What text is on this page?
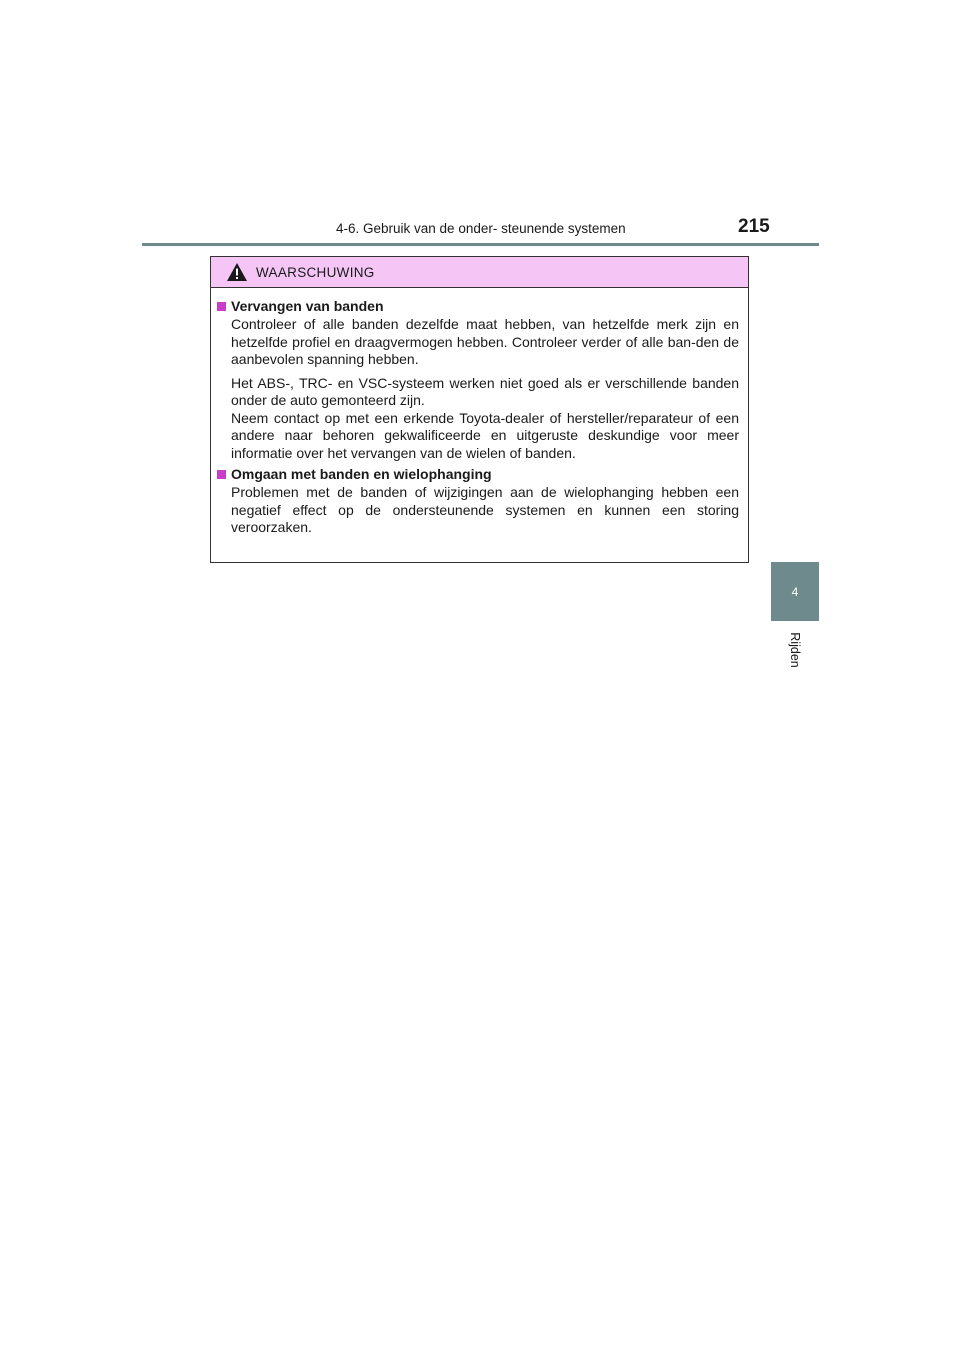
4-6. Gebruik van de onder- steunende systemen	215
4
Rijden
WAARSCHUWING
Vervangen van banden

Controleer of alle banden dezelfde maat hebben, van hetzelfde merk zijn en hetzelfde profiel en draagvermogen hebben. Controleer verder of alle ban-den de aanbevolen spanning hebben.

Het ABS-, TRC- en VSC-systeem werken niet goed als er verschillende banden onder de auto gemonteerd zijn.

Neem contact op met een erkende Toyota-dealer of hersteller/reparateur of een andere naar behoren gekwalificeerde en uitgeruste deskundige voor meer informatie over het vervangen van de wielen of banden.

Omgaan met banden en wielophanging

Problemen met de banden of wijzigingen aan de wielophanging hebben een negatief effect op de ondersteunende systemen en kunnen een storing veroorzaken.
